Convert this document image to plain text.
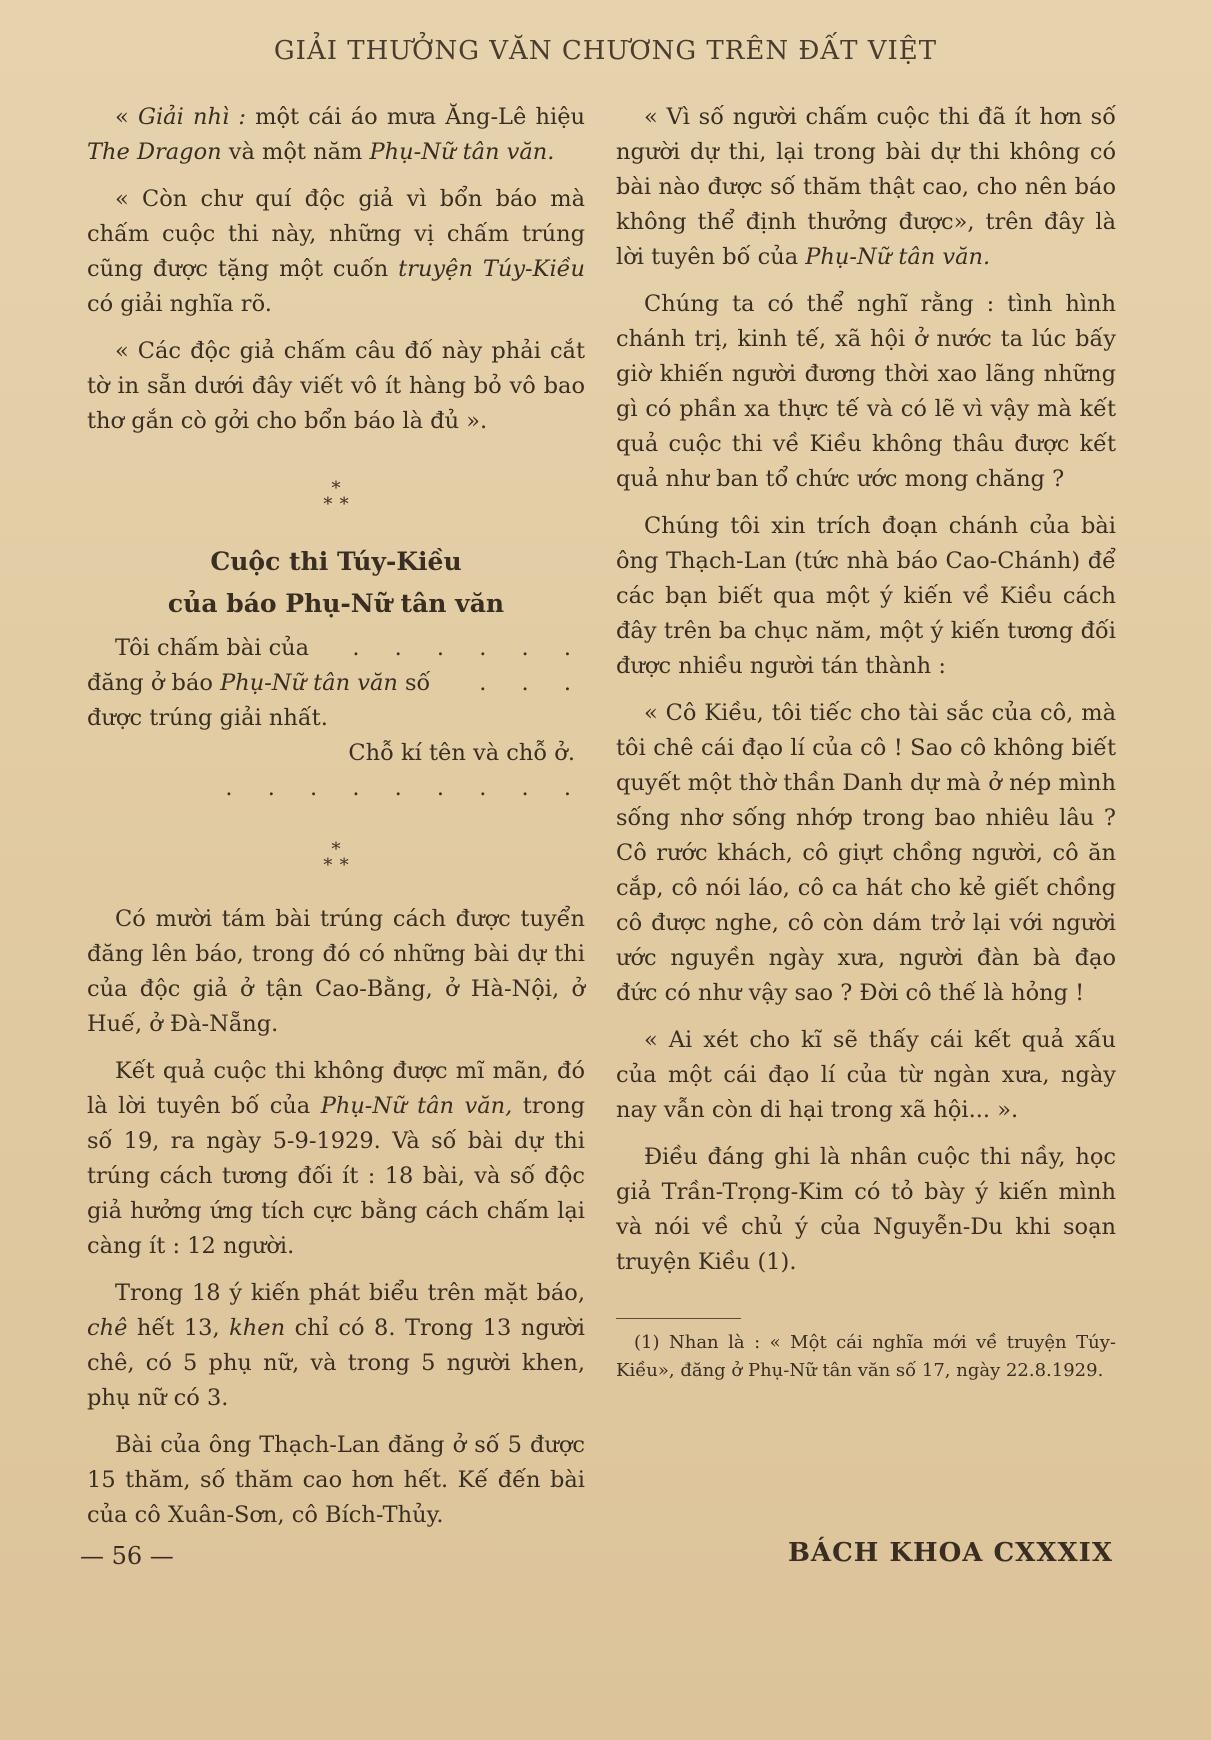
GIẢI THƯỞNG VĂN CHƯƠNG TRÊN ĐẤT VIỆT

« Giải nhì : một cái áo mưa Ăng-Lê hiệu The Dragon và một năm Phụ-Nữ tân văn.

« Còn chư quí độc giả vì bổn báo mà chấm cuộc thi này, những vị chấm trúng cũng được tặng một cuốn truyện Túy-Kiều có giải nghĩa rõ.

« Các độc giả chấm câu đố này phải cắt tờ in sẵn dưới đây viết vô ít hàng bỏ vô bao thơ gắn cò gởi cho bổn báo là đủ ».

*
* *
Cuộc thi Túy-Kiều
của báo Phụ-Nữ tân văn

Tôi chấm bài của	. . . . . .

đăng ở báo Phụ-Nữ tân văn số . . .

được trúng giải nhất.

Chỗ kí tên và chỗ ở.

. . . . . . . . .

*
* *

Có mười tám bài trúng cách được tuyển đăng lên báo, trong đó có những bài dự thi của độc giả ở tận Cao-Bằng, ở Hà-Nội, ở Huế, ở Đà-Nẵng.

Kết quả cuộc thi không được mĩ mãn, đó là lời tuyên bố của Phụ-Nữ tân văn, trong số 19, ra ngày 5-9-1929. Và số bài dự thi trúng cách tương đối ít : 18 bài, và số độc giả hưởng ứng tích cực bằng cách chấm lại càng ít : 12 người.

Trong 18 ý kiến phát biểu trên mặt báo, chê hết 13, khen chỉ có 8. Trong 13 người chê, có 5 phụ nữ, và trong 5 người khen, phụ nữ có 3.

Bài của ông Thạch-Lan đăng ở số 5 được 15 thăm, số thăm cao hơn hết. Kế đến bài của cô Xuân-Sơn, cô Bích-Thủy.

« Vì số người chấm cuộc thi đã ít hơn số người dự thi, lại trong bài dự thi không có bài nào được số thăm thật cao, cho nên báo không thể định thưởng được», trên đây là lời tuyên bố của Phụ-Nữ tân văn.

Chúng ta có thể nghĩ rằng : tình hình chánh trị, kinh tế, xã hội ở nước ta lúc bấy giờ khiến người đương thời xao lãng những gì có phần xa thực tế và có lẽ vì vậy mà kết quả cuộc thi về Kiều không thâu được kết quả như ban tổ chức ước mong chăng ?

Chúng tôi xin trích đoạn chánh của bài ông Thạch-Lan (tức nhà báo Cao-Chánh) để các bạn biết qua một ý kiến về Kiều cách đây trên ba chục năm, một ý kiến tương đối được nhiều người tán thành :

« Cô Kiều, tôi tiếc cho tài sắc của cô, mà tôi chê cái đạo lí của cô ! Sao cô không biết quyết một thờ thần Danh dự mà ở nép mình sống nhơ sống nhớp trong bao nhiêu lâu ? Cô rước khách, cô giựt chồng người, cô ăn cắp, cô nói láo, cô ca hát cho kẻ giết chồng cô được nghe, cô còn dám trở lại với người ước nguyền ngày xưa, người đàn bà đạo đức có như vậy sao ? Đời cô thế là hỏng !

« Ai xét cho kĩ sẽ thấy cái kết quả xấu của một cái đạo lí của từ ngàn xưa, ngày nay vẫn còn di hại trong xã hội... ».

Điều đáng ghi là nhân cuộc thi nầy, học giả Trần-Trọng-Kim có tỏ bày ý kiến mình và nói về chủ ý của Nguyễn-Du khi soạn truyện Kiều (1).

(1) Nhan là : « Một cái nghĩa mới về truyện Túy-Kiều», đăng ở Phụ-Nữ tân văn số 17, ngày 22.8.1929.

— 56 —	BÁCH KHOA CXXXIX
